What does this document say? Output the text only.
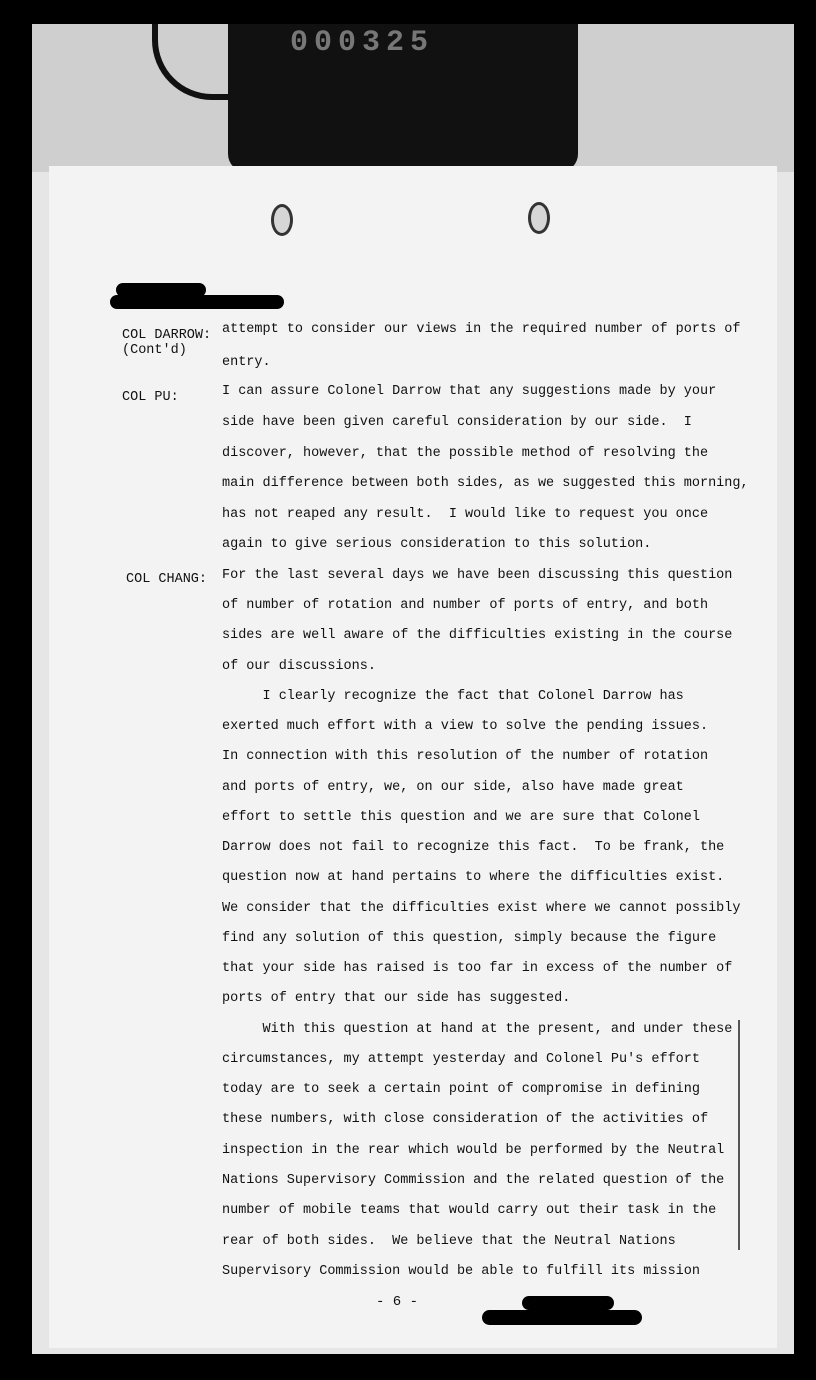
000325
COL DARROW:
(Cont'd)
COL PU:
COL CHANG:
attempt to consider our views in the required number of ports of
entry.
I can assure Colonel Darrow that any suggestions made by your
side have been given careful consideration by our side.  I
discover, however, that the possible method of resolving the
main difference between both sides, as we suggested this morning,
has not reaped any result.  I would like to request you once
again to give serious consideration to this solution.
For the last several days we have been discussing this question
of number of rotation and number of ports of entry, and both
sides are well aware of the difficulties existing in the course
of our discussions.
I clearly recognize the fact that Colonel Darrow has
exerted much effort with a view to solve the pending issues.
In connection with this resolution of the number of rotation
and ports of entry, we, on our side, also have made great
effort to settle this question and we are sure that Colonel
Darrow does not fail to recognize this fact.  To be frank, the
question now at hand pertains to where the difficulties exist.
We consider that the difficulties exist where we cannot possibly
find any solution of this question, simply because the figure
that your side has raised is too far in excess of the number of
ports of entry that our side has suggested.
With this question at hand at the present, and under these
circumstances, my attempt yesterday and Colonel Pu's effort
today are to seek a certain point of compromise in defining
these numbers, with close consideration of the activities of
inspection in the rear which would be performed by the Neutral
Nations Supervisory Commission and the related question of the
number of mobile teams that would carry out their task in the
rear of both sides.  We believe that the Neutral Nations
Supervisory Commission would be able to fulfill its mission
- 6 -
